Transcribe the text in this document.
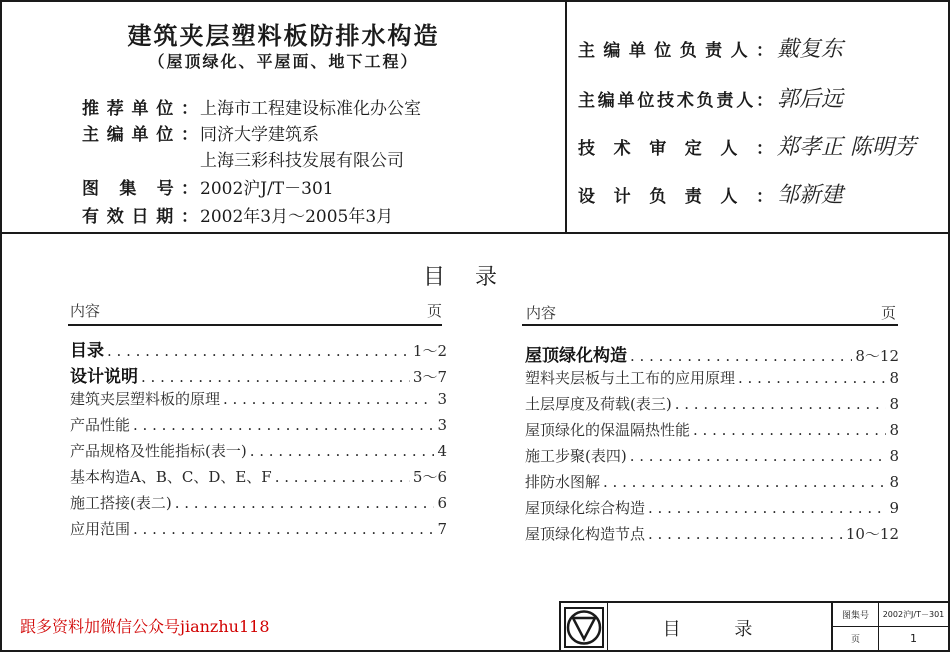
建筑夹层塑料板防排水构造
（屋顶绿化、平屋面、地下工程）
推荐单位： 上海市工程建设标准化办公室
主编单位： 同济大学建筑系
上海三彩科技发展有限公司
图 集 号： 2002沪J/T－301
有效日期： 2002年3月～2005年3月
主编单位负责人： 戴复东
主编单位技术负责人： 郭后远
技术审定人： 郑孝正 陈明芳
设计负责人： 邹新建
目录
内容	页	内容	页
目录 . . .	1～2
设计说明 . . .	3～7
建筑夹层塑料板的原理 . . .	3
产品性能 . . .	3
产品规格及性能指标(表一) . . .	4
基本构造A、B、C、D、E、F . . .	5～6
施工搭接(表二) . . .	6
应用范围 . . .	7
屋顶绿化构造 . . .	8～12
塑料夹层板与土工布的应用原理 . . .	8
土层厚度及荷载(表三) . . .	8
屋顶绿化的保温隔热性能 . . .	8
施工步聚(表四) . . .	8
排防水图解 . . .	8
屋顶绿化综合构造 . . .	9
屋顶绿化构造节点 . . .	10～12
跟多资料加微信公众号jianzhu118	目 录
图集号	2002沪J/T－301
页	1
